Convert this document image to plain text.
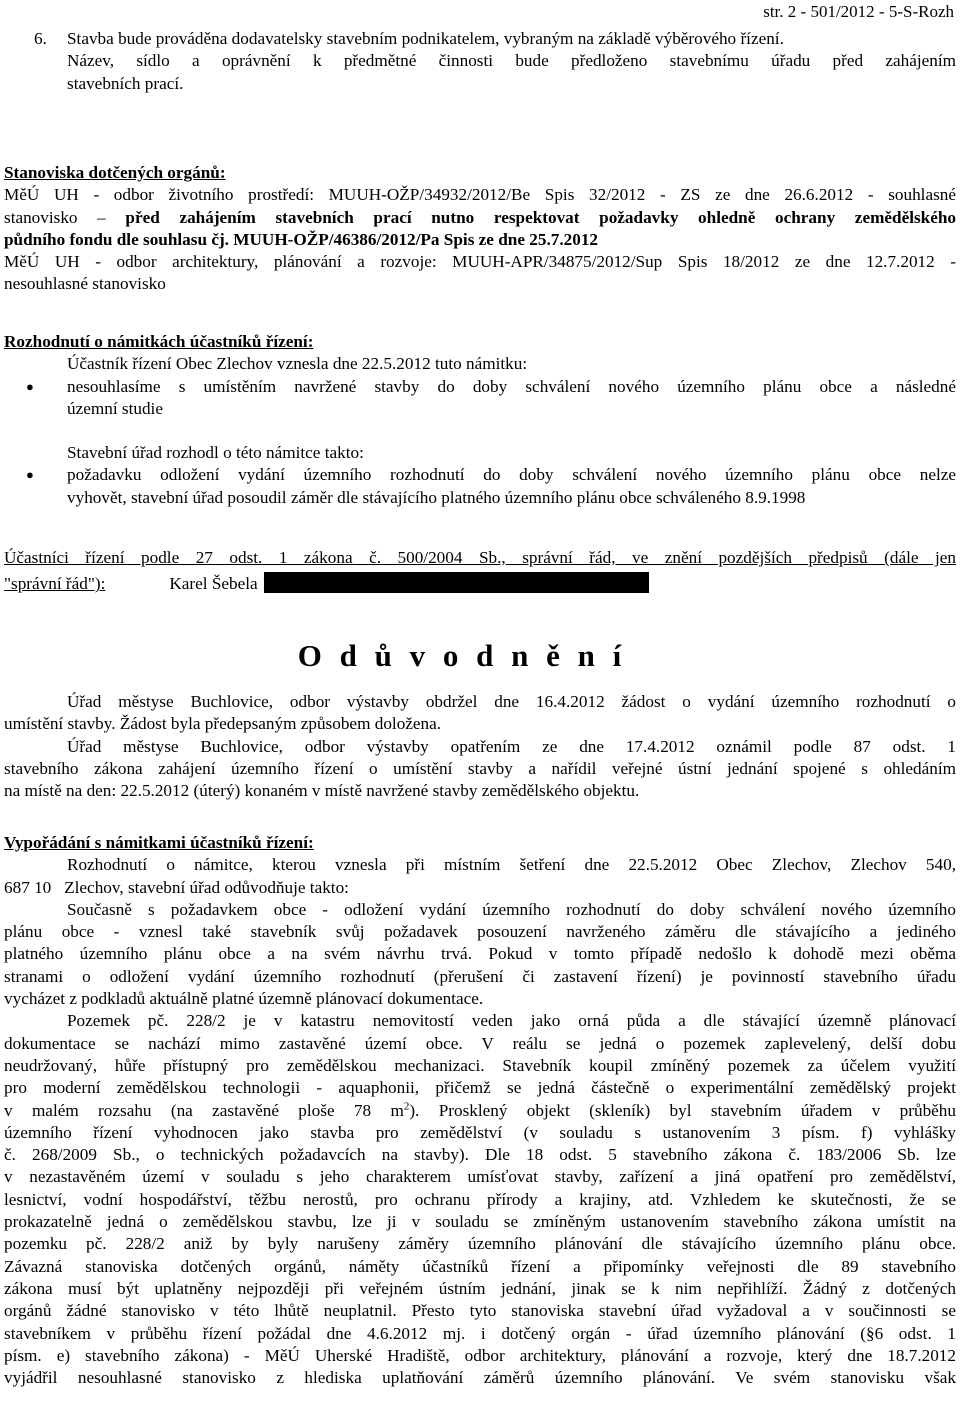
str. 2 - 501/2012 - 5-S-Rozh
6. Stavba bude prováděna dodavatelsky stavebním podnikatelem, vybraným na základě výběrového řízení.
Název, sídlo a oprávnění k předmětné činnosti bude předloženo stavebnímu úřadu před zahájením
stavebních prací.
Stanoviska dotčených orgánů:
MěÚ UH - odbor životního prostředí: MUUH-OŽP/34932/2012/Be Spis 32/2012 - ZS ze dne 26.6.2012 - souhlasné
stanovisko – před zahájením stavebních prací nutno respektovat požadavky ohledně ochrany zemědělského
půdního fondu dle souhlasu čj. MUUH-OŽP/46386/2012/Pa Spis ze dne 25.7.2012
MěÚ UH - odbor architektury, plánování a rozvoje: MUUH-APR/34875/2012/Sup Spis 18/2012 ze dne 12.7.2012 -
nesouhlasné stanovisko
Rozhodnutí o námitkách účastníků řízení:
Účastník řízení Obec Zlechov vznesla dne 22.5.2012 tuto námitku:
●	nesouhlasíme s umístěním navržené stavby do doby schválení nového územního plánu obce a následné
územní studie
Stavební úřad rozhodl o této námitce takto:
●	požadavku odložení vydání územního rozhodnutí do doby schválení nového územního plánu obce nelze
vyhovět, stavební úřad posoudil záměr dle stávajícího platného územního plánu obce schváleného 8.9.1998
Účastníci řízení podle 27 odst. 1 zákona č. 500/2004 Sb., správní řád, ve znění pozdějších předpisů (dále jen
"správní řád"):	Karel Šebela
O d ů v o d n ě n í
Úřad městyse Buchlovice, odbor výstavby obdržel dne 16.4.2012 žádost o vydání územního rozhodnutí o
umístění stavby. Žádost byla předepsaným způsobem doložena.
Úřad městyse Buchlovice, odbor výstavby opatřením ze dne 17.4.2012 oznámil podle 87 odst. 1
stavebního zákona zahájení územního řízení o umístění stavby a nařídil veřejné ústní jednání spojené s ohledáním
na místě na den: 22.5.2012 (úterý) konaném v místě navržené stavby zemědělského objektu.
Vypořádání s námitkami účastníků řízení:
Rozhodnutí o námitce, kterou vznesla při místním šetření dne 22.5.2012 Obec Zlechov, Zlechov 540,
687 10   Zlechov, stavební úřad odůvodňuje takto:
Současně s požadavkem obce - odložení vydání územního rozhodnutí do doby schválení nového územního
plánu obce - vznesl také stavebník svůj požadavek posouzení navrženého záměru dle stávajícího a jediného
platného územního plánu obce a na svém návrhu trvá. Pokud v tomto případě nedošlo k dohodě mezi oběma
stranami o odložení vydání územního rozhodnutí (přerušení či zastavení řízení) je povinností stavebního úřadu
vycházet z podkladů aktuálně platné územně plánovací dokumentace.
Pozemek pč. 228/2 je v katastru nemovitostí veden jako orná půda a dle stávající územně plánovací
dokumentace se nachází mimo zastavěné území obce. V reálu se jedná o pozemek zaplevelený, delší dobu
neudržovaný, hůře přístupný pro zemědělskou mechanizaci. Stavebník koupil zmíněný pozemek za účelem využití
pro moderní zemědělskou technologii - aquaphonii, přičemž se jedná částečně o experimentální zemědělský projekt
v malém rozsahu (na zastavěné ploše 78 $m^2$). Prosklený objekt (skleník) byl stavebním úřadem v průběhu
územního řízení vyhodnocen jako stavba pro zemědělství (v souladu s ustanovením 3 písm. f) vyhlášky
č. 268/2009 Sb., o technických požadavcích na stavby). Dle 18 odst. 5 stavebního zákona č. 183/2006 Sb. lze
v nezastavěném území v souladu s jeho charakterem umísťovat stavby, zařízení a jiná opatření pro zemědělství,
lesnictví, vodní hospodářství, těžbu nerostů, pro ochranu přírody a krajiny, atd. Vzhledem ke skutečnosti, že se
prokazatelně jedná o zemědělskou stavbu, lze ji v souladu se zmíněným ustanovením stavebního zákona umístit na
pozemku pč. 228/2 aniž by byly narušeny záměry územního plánování dle stávajícího územního plánu obce.
Závazná stanoviska dotčených orgánů, náměty účastníků řízení a připomínky veřejnosti dle 89 stavebního
zákona musí být uplatněny nejpozději při veřejném ústním jednání, jinak se k nim nepřihlíží. Žádný z dotčených
orgánů žádné stanovisko v této lhůtě neuplatnil. Přesto tyto stanoviska stavební úřad vyžadoval a v součinnosti se
stavebníkem v průběhu řízení požádal dne 4.6.2012 mj. i dotčený orgán - úřad územního plánování (§6 odst. 1
písm. e) stavebního zákona) - MěÚ Uherské Hradiště, odbor architektury, plánování a rozvoje, který dne 18.7.2012
vyjádřil nesouhlasné stanovisko z hlediska uplatňování záměrů územního plánování. Ve svém stanovisku však
